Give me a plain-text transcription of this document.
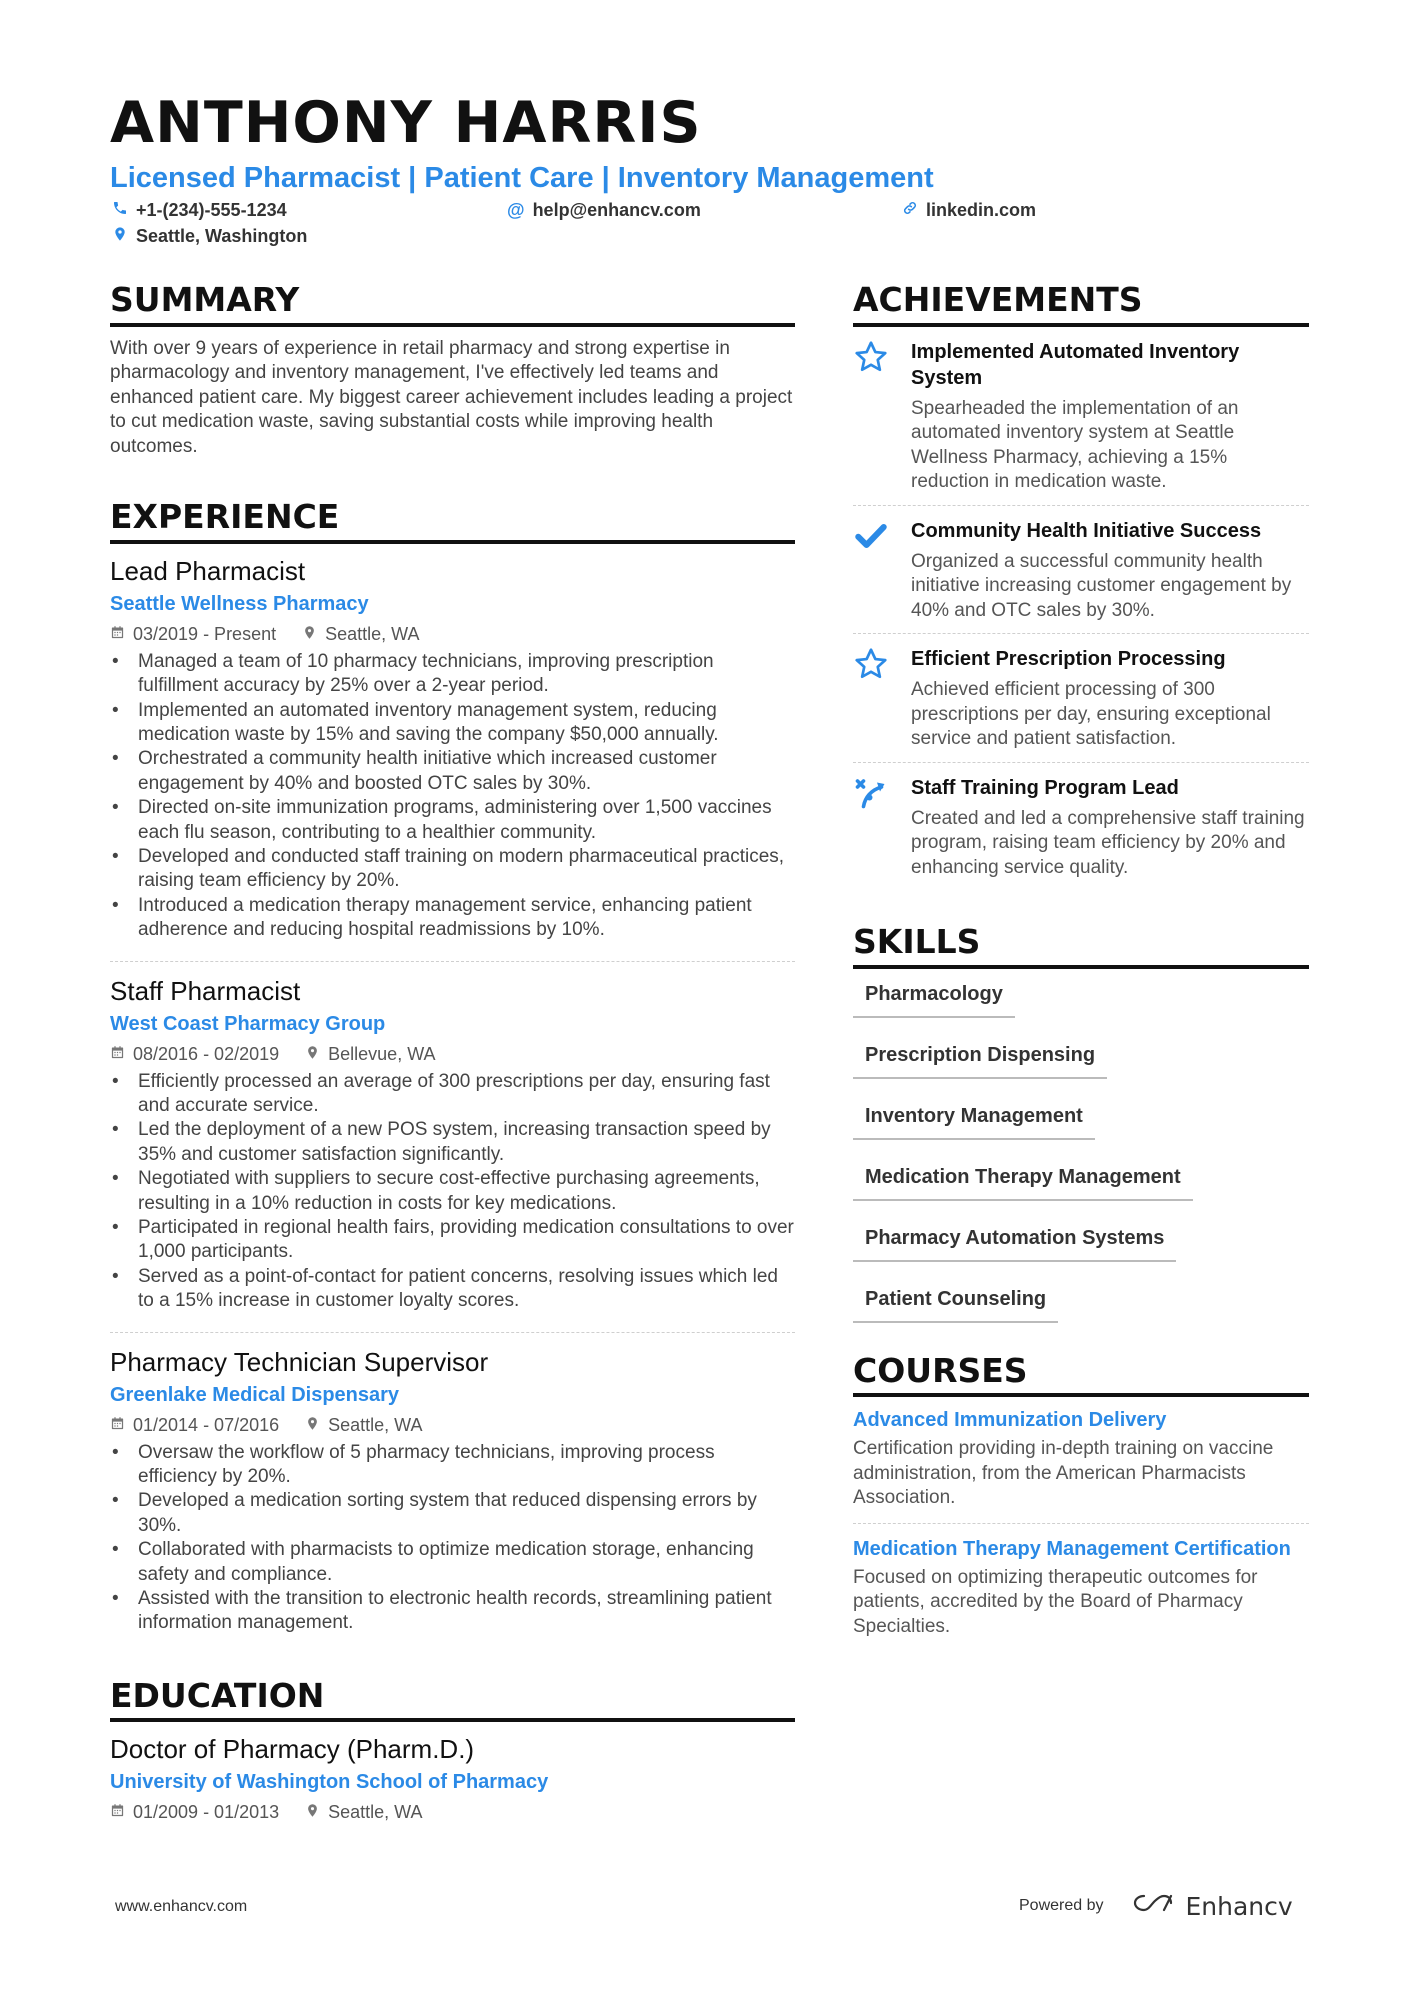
ANTHONY HARRIS
Licensed Pharmacist | Patient Care | Inventory Management
+1-(234)-555-1234	@ help@enhancv.com	linkedin.com
Seattle, Washington
SUMMARY
With over 9 years of experience in retail pharmacy and strong expertise in pharmacology and inventory management, I've effectively led teams and enhanced patient care. My biggest career achievement includes leading a project to cut medication waste, saving substantial costs while improving health outcomes.
EXPERIENCE
Lead Pharmacist
Seattle Wellness Pharmacy
03/2019 - Present	Seattle, WA
• Managed a team of 10 pharmacy technicians, improving prescription fulfillment accuracy by 25% over a 2-year period.
• Implemented an automated inventory management system, reducing medication waste by 15% and saving the company $50,000 annually.
• Orchestrated a community health initiative which increased customer engagement by 40% and boosted OTC sales by 30%.
• Directed on-site immunization programs, administering over 1,500 vaccines each flu season, contributing to a healthier community.
• Developed and conducted staff training on modern pharmaceutical practices, raising team efficiency by 20%.
• Introduced a medication therapy management service, enhancing patient adherence and reducing hospital readmissions by 10%.
Staff Pharmacist
West Coast Pharmacy Group
08/2016 - 02/2019	Bellevue, WA
• Efficiently processed an average of 300 prescriptions per day, ensuring fast and accurate service.
• Led the deployment of a new POS system, increasing transaction speed by 35% and customer satisfaction significantly.
• Negotiated with suppliers to secure cost-effective purchasing agreements, resulting in a 10% reduction in costs for key medications.
• Participated in regional health fairs, providing medication consultations to over 1,000 participants.
• Served as a point-of-contact for patient concerns, resolving issues which led to a 15% increase in customer loyalty scores.
Pharmacy Technician Supervisor
Greenlake Medical Dispensary
01/2014 - 07/2016	Seattle, WA
• Oversaw the workflow of 5 pharmacy technicians, improving process efficiency by 20%.
• Developed a medication sorting system that reduced dispensing errors by 30%.
• Collaborated with pharmacists to optimize medication storage, enhancing safety and compliance.
• Assisted with the transition to electronic health records, streamlining patient information management.
EDUCATION
Doctor of Pharmacy (Pharm.D.)
University of Washington School of Pharmacy
01/2009 - 01/2013	Seattle, WA
ACHIEVEMENTS
Implemented Automated Inventory System
Spearheaded the implementation of an automated inventory system at Seattle Wellness Pharmacy, achieving a 15% reduction in medication waste.
Community Health Initiative Success
Organized a successful community health initiative increasing customer engagement by 40% and OTC sales by 30%.
Efficient Prescription Processing
Achieved efficient processing of 300 prescriptions per day, ensuring exceptional service and patient satisfaction.
Staff Training Program Lead
Created and led a comprehensive staff training program, raising team efficiency by 20% and enhancing service quality.
SKILLS
Pharmacology
Prescription Dispensing
Inventory Management
Medication Therapy Management
Pharmacy Automation Systems
Patient Counseling
COURSES
Advanced Immunization Delivery
Certification providing in-depth training on vaccine administration, from the American Pharmacists Association.
Medication Therapy Management Certification
Focused on optimizing therapeutic outcomes for patients, accredited by the Board of Pharmacy Specialties.
www.enhancv.com	Powered by	Enhancv
